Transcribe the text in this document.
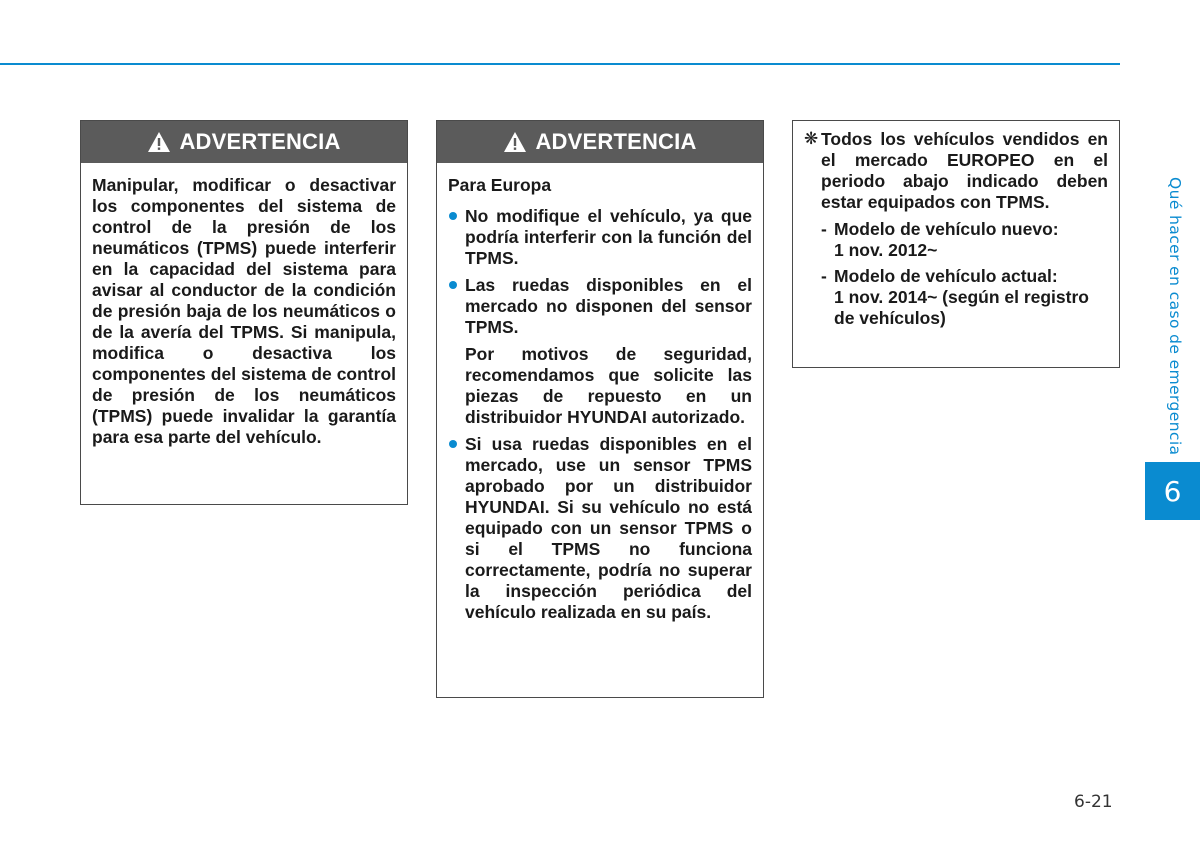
ADVERTENCIA

Manipular, modificar o desactivar los componentes del sistema de control de la presión de los neumáticos (TPMS) puede interferir en la capacidad del sistema para avisar al conductor de la condición de presión baja de los neumáticos o de la avería del TPMS. Si manipula, modifica o desactiva los componentes del sistema de control de presión de los neumáticos (TPMS) puede invalidar la garantía para esa parte del vehículo.

ADVERTENCIA

Para Europa

No modifique el vehículo, ya que podría interferir con la función del TPMS.
Las ruedas disponibles en el mercado no disponen del sensor TPMS.

Por motivos de seguridad, recomendamos que solicite las piezas de repuesto en un distribuidor HYUNDAI autorizado.

Si usa ruedas disponibles en el mercado, use un sensor TPMS aprobado por un distribuidor HYUNDAI. Si su vehículo no está equipado con un sensor TPMS o si el TPMS no funciona correctamente, podría no superar la inspección periódica del vehículo realizada en su país.

❋ Todos los vehículos vendidos en el mercado EUROPEO en el periodo abajo indicado deben estar equipados con TPMS.

- Modelo de vehículo nuevo:
1 nov. 2012~
- Modelo de vehículo actual:
1 nov. 2014~ (según el registro de vehículos)	Qué hacer en caso de emergencia
6
6-21
